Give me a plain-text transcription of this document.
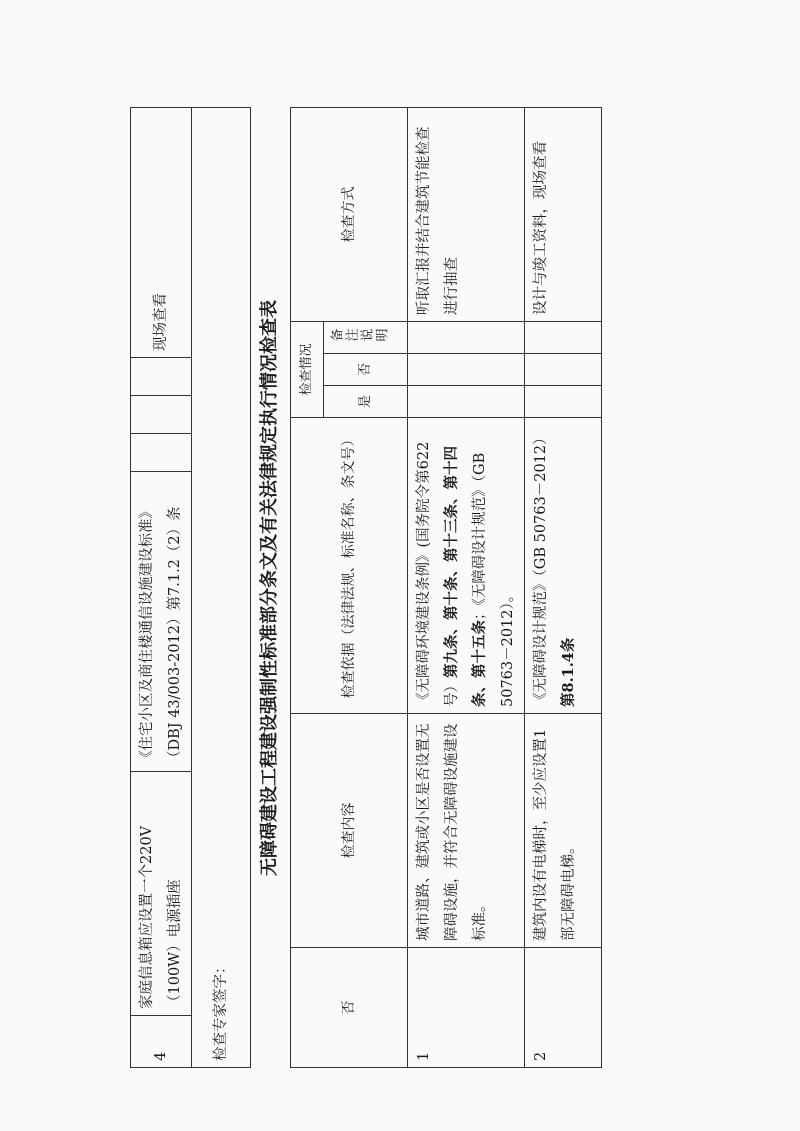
4	家庭信息箱应设置一个220V（100W）电源插座	《住宅小区及商住楼通信设施建设标准》（DBJ 43/003-2012）第7.1.2（2）条				现场查看
检查专家签字：
无障碍建设工程建设强制性标准部分条文及有关法律规定执行情况检查表
否	检查内容	检查依据（法律法规、标准名称、条文号）	检查情况			检查方式
			是	否	备注说明	
1	城市道路、建筑或小区是否设置无障碍设施，并符合无障碍设施建设标准。	《无障碍环境建设条例》(国务院令第622号）第九条、第十条、第十三条、第十四条、第十五条；《无障碍设计规范》（GB 50763－2012）。				听取汇报并结合建筑节能检查进行抽查
2	建筑内设有电梯时，至少应设置1部无障碍电梯。	《无障碍设计规范》（GB 50763－2012） 第8.1.4条				设计与竣工资料，现场查看
